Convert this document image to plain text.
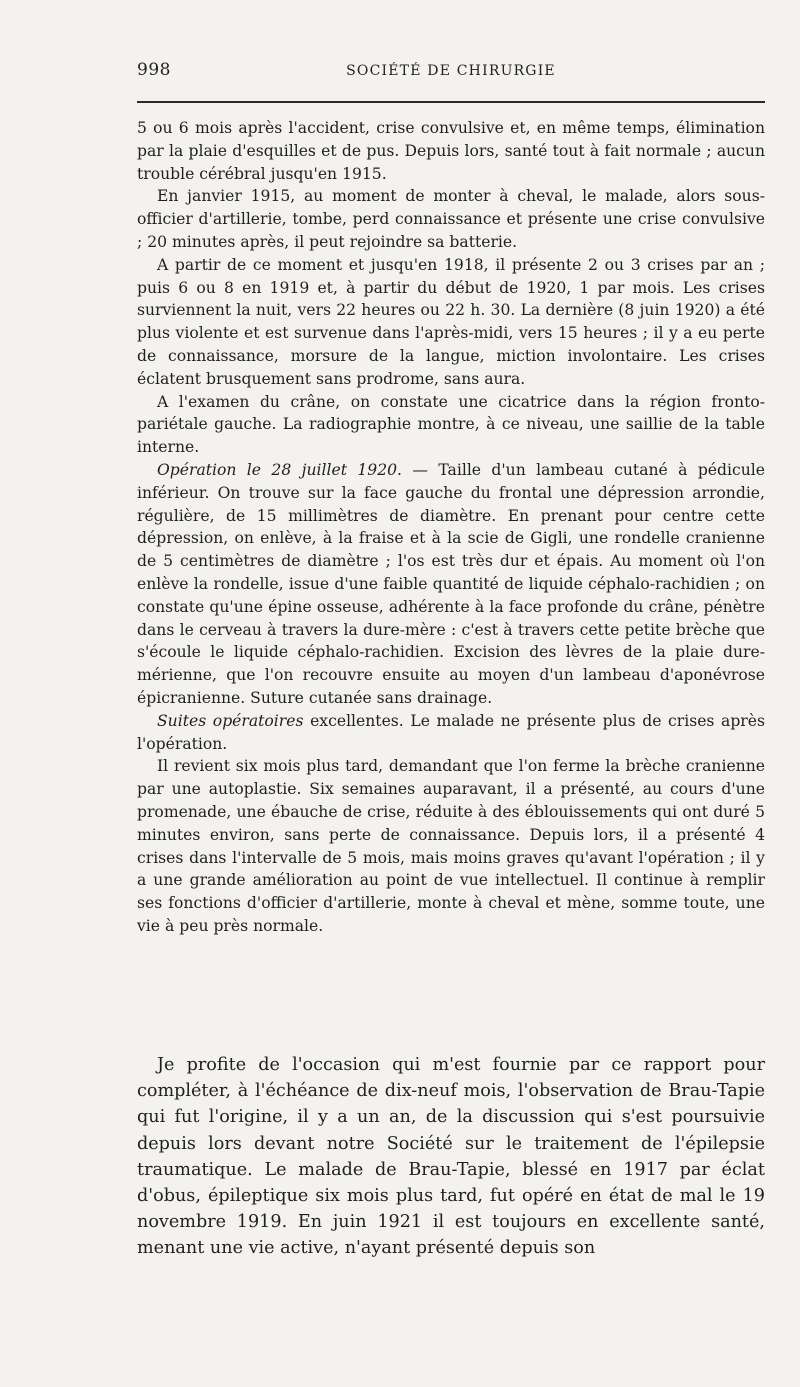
998	SOCIÉTÉ DE CHIRURGIE

5 ou 6 mois après l'accident, crise convulsive et, en même temps, élimination par la plaie d'esquilles et de pus. Depuis lors, santé tout à fait normale ; aucun trouble cérébral jusqu'en 1915.

En janvier 1915, au moment de monter à cheval, le malade, alors sous-officier d'artillerie, tombe, perd connaissance et présente une crise convulsive ; 20 minutes après, il peut rejoindre sa batterie.

A partir de ce moment et jusqu'en 1918, il présente 2 ou 3 crises par an ; puis 6 ou 8 en 1919 et, à partir du début de 1920, 1 par mois. Les crises surviennent la nuit, vers 22 heures ou 22 h. 30. La dernière (8 juin 1920) a été plus violente et est survenue dans l'après-midi, vers 15 heures ; il y a eu perte de connaissance, morsure de la langue, miction involontaire. Les crises éclatent brusquement sans prodrome, sans aura.

A l'examen du crâne, on constate une cicatrice dans la région fronto-pariétale gauche. La radiographie montre, à ce niveau, une saillie de la table interne.

Opération le 28 juillet 1920. — Taille d'un lambeau cutané à pédicule inférieur. On trouve sur la face gauche du frontal une dépression arrondie, régulière, de 15 millimètres de diamètre. En prenant pour centre cette dépression, on enlève, à la fraise et à la scie de Gigli, une rondelle cranienne de 5 centimètres de diamètre ; l'os est très dur et épais. Au moment où l'on enlève la rondelle, issue d'une faible quantité de liquide céphalo-rachidien ; on constate qu'une épine osseuse, adhérente à la face profonde du crâne, pénètre dans le cerveau à travers la dure-mère : c'est à travers cette petite brèche que s'écoule le liquide céphalo-rachidien. Excision des lèvres de la plaie dure-mérienne, que l'on recouvre ensuite au moyen d'un lambeau d'aponévrose épicranienne. Suture cutanée sans drainage.

Suites opératoires excellentes. Le malade ne présente plus de crises après l'opération.

Il revient six mois plus tard, demandant que l'on ferme la brèche cranienne par une autoplastie. Six semaines auparavant, il a présenté, au cours d'une promenade, une ébauche de crise, réduite à des éblouissements qui ont duré 5 minutes environ, sans perte de connaissance. Depuis lors, il a présenté 4 crises dans l'intervalle de 5 mois, mais moins graves qu'avant l'opération ; il y a une grande amélioration au point de vue intellectuel. Il continue à remplir ses fonctions d'officier d'artillerie, monte à cheval et mène, somme toute, une vie à peu près normale.

Je profite de l'occasion qui m'est fournie par ce rapport pour compléter, à l'échéance de dix-neuf mois, l'observation de Brau-Tapie qui fut l'origine, il y a un an, de la discussion qui s'est poursuivie depuis lors devant notre Société sur le traitement de l'épilepsie traumatique. Le malade de Brau-Tapie, blessé en 1917 par éclat d'obus, épileptique six mois plus tard, fut opéré en état de mal le 19 novembre 1919. En juin 1921 il est toujours en excellente santé, menant une vie active, n'ayant présenté depuis son
